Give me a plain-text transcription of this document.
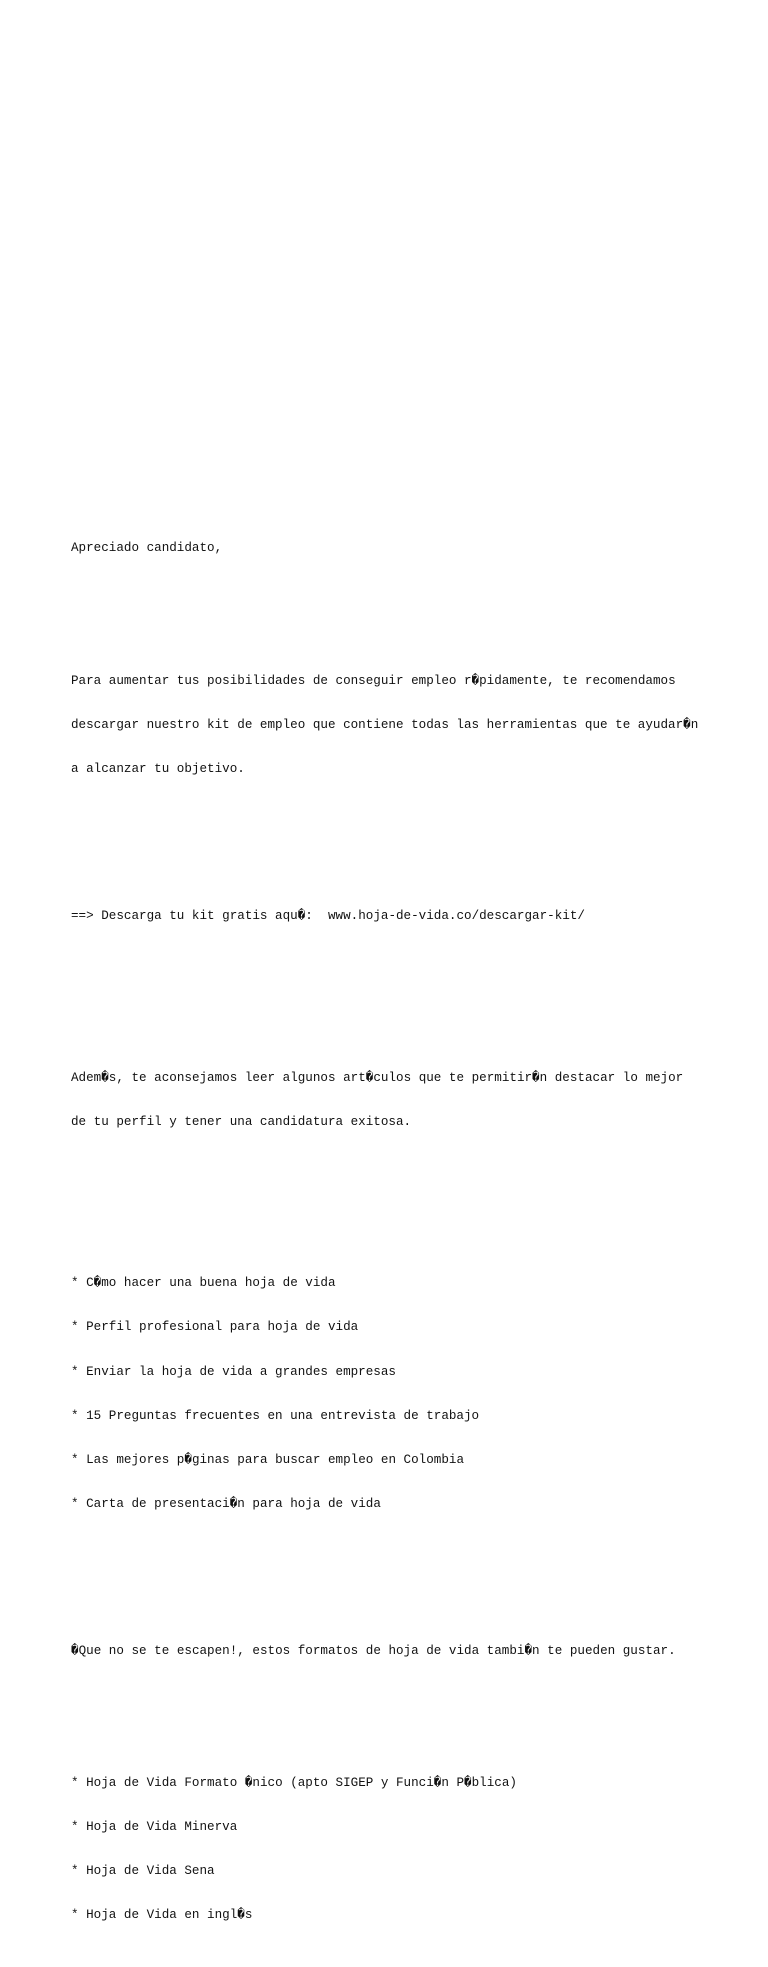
Apreciado candidato,

Para aumentar tus posibilidades de conseguir empleo r�pidamente, te recomendamos

descargar nuestro kit de empleo que contiene todas las herramientas que te ayudar�n

a alcanzar tu objetivo.

==> Descarga tu kit gratis aqu�:  www.hoja-de-vida.co/descargar-kit/

Adem�s, te aconsejamos leer algunos art�culos que te permitir�n destacar lo mejor

de tu perfil y tener una candidatura exitosa.

* C�mo hacer una buena hoja de vida

* Perfil profesional para hoja de vida

* Enviar la hoja de vida a grandes empresas

* 15 Preguntas frecuentes en una entrevista de trabajo

* Las mejores p�ginas para buscar empleo en Colombia

* Carta de presentaci�n para hoja de vida

�Que no se te escapen!, estos formatos de hoja de vida tambi�n te pueden gustar.

* Hoja de Vida Formato �nico (apto SIGEP y Funci�n P�blica)

* Hoja de Vida Minerva

* Hoja de Vida Sena

* Hoja de Vida en ingl�s
